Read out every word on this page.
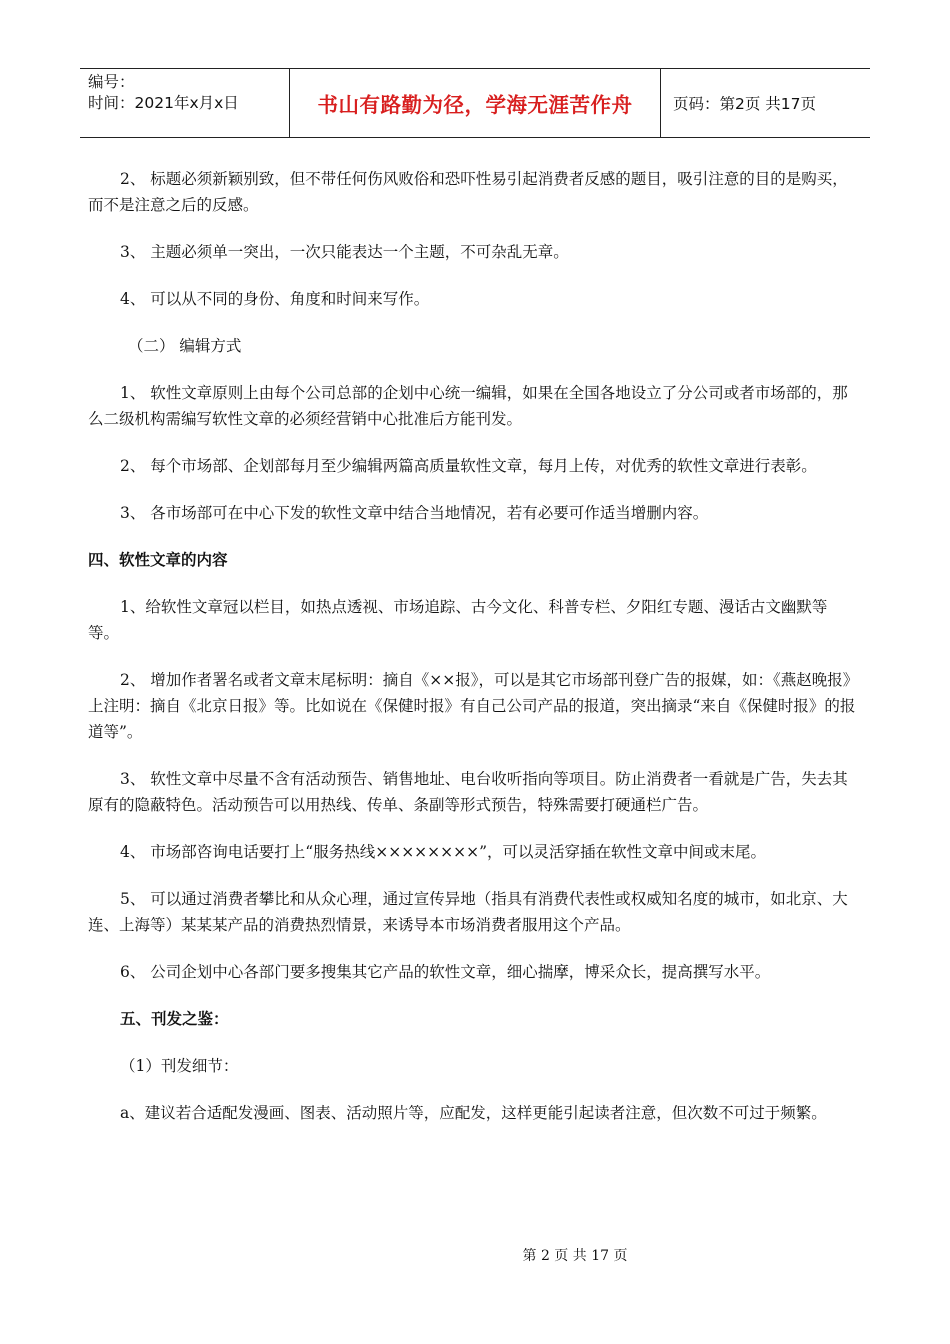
编号：
时间：2021年x月x日	书山有路勤为径，学海无涯苦作舟	页码：第2页 共17页

2、 标题必须新颖别致，但不带任何伤风败俗和恐吓性易引起消费者反感的题目，吸引注意的目的是购买，而不是注意之后的反感。

3、 主题必须单一突出，一次只能表达一个主题，不可杂乱无章。

4、 可以从不同的身份、角度和时间来写作。

（二） 编辑方式

1、 软性文章原则上由每个公司总部的企划中心统一编辑，如果在全国各地设立了分公司或者市场部的，那么二级机构需编写软性文章的必须经营销中心批准后方能刊发。

2、 每个市场部、企划部每月至少编辑两篇高质量软性文章，每月上传，对优秀的软性文章进行表彰。

3、 各市场部可在中心下发的软性文章中结合当地情况，若有必要可作适当增删内容。

四、软性文章的内容

1、给软性文章冠以栏目，如热点透视、市场追踪、古今文化、科普专栏、夕阳红专题、漫话古文幽默等等。

2、 增加作者署名或者文章末尾标明：摘自《××报》，可以是其它市场部刊登广告的报媒，如：《燕赵晚报》上注明：摘自《北京日报》等。比如说在《保健时报》有自己公司产品的报道，突出摘录“来自《保健时报》的报道等”。

3、 软性文章中尽量不含有活动预告、销售地址、电台收听指向等项目。防止消费者一看就是广告，失去其原有的隐蔽特色。活动预告可以用热线、传单、条副等形式预告，特殊需要打硬通栏广告。

4、 市场部咨询电话要打上“服务热线××××××××”，可以灵活穿插在软性文章中间或末尾。

5、 可以通过消费者攀比和从众心理，通过宣传异地（指具有消费代表性或权威知名度的城市，如北京、大连、上海等）某某某产品的消费热烈情景，来诱导本市场消费者服用这个产品。

6、 公司企划中心各部门要多搜集其它产品的软性文章，细心揣摩，博采众长，提高撰写水平。

五、刊发之鉴：

（1）刊发细节：

a、建议若合适配发漫画、图表、活动照片等，应配发，这样更能引起读者注意，但次数不可过于频繁。

第 2 页 共 17 页
